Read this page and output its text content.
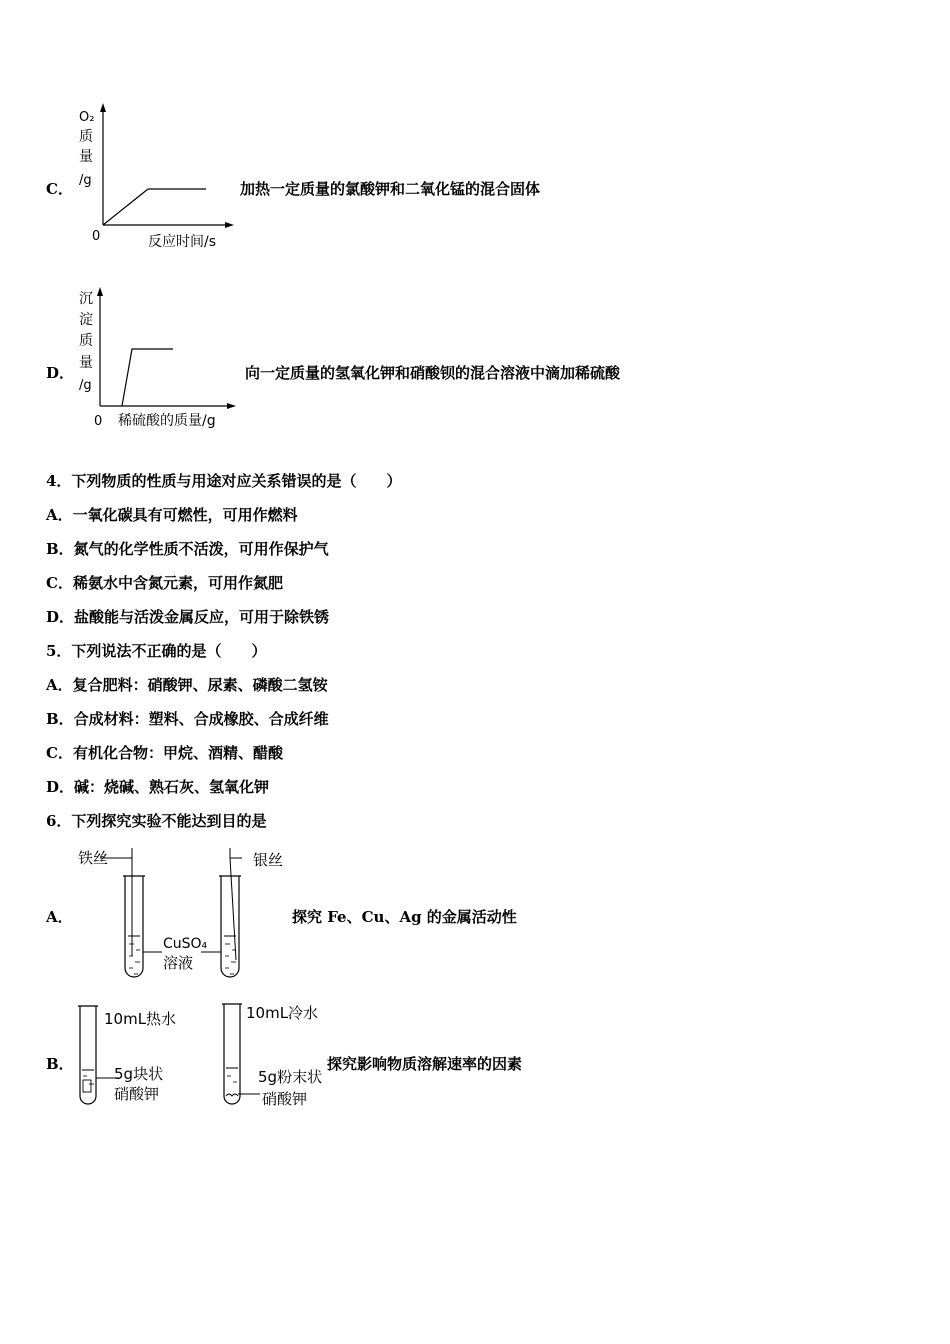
C．
O₂
质
量
/g
0	反应时间/s
加热一定质量的氯酸钾和二氧化锰的混合固体
D．
沉
淀
质
量
/g
0 稀硫酸的质量/g
向一定质量的氢氧化钾和硝酸钡的混合溶液中滴加稀硫酸
4．下列物质的性质与用途对应关系错误的是（　　）
A．一氧化碳具有可燃性，可用作燃料
B．氮气的化学性质不活泼，可用作保护气
C．稀氨水中含氮元素，可用作氮肥
D．盐酸能与活泼金属反应，可用于除铁锈
5．下列说法不正确的是（　　）
A．复合肥料：硝酸钾、尿素、磷酸二氢铵
B．合成材料：塑料、合成橡胶、合成纤维
C．有机化合物：甲烷、酒精、醋酸
D．碱：烧碱、熟石灰、氢氧化钾
6．下列探究实验不能达到目的是
A．
铁丝	银丝
CuSO₄
溶液
探究 Fe、Cu、Ag 的金属活动性
B．
10mL热水
5g块状
硝酸钾
10mL冷水
5g粉末状
硝酸钾
探究影响物质溶解速率的因素
